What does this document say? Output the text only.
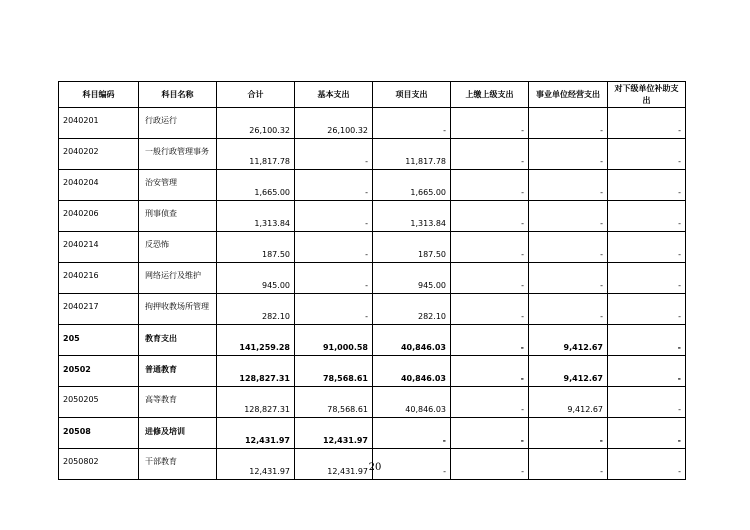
科目编码	科目名称	合计	基本支出	项目支出	上缴上级支出	事业单位经营支出	对下级单位补助支出
2040201	行政运行	26,100.32	26,100.32	-	-	-	-
2040202	一般行政管理事务	11,817.78	-	11,817.78	-	-	-
2040204	治安管理	1,665.00	-	1,665.00	-	-	-
2040206	刑事侦查	1,313.84	-	1,313.84	-	-	-
2040214	反恐怖	187.50	-	187.50	-	-	-
2040216	网络运行及维护	945.00	-	945.00	-	-	-
2040217	拘押收教场所管理	282.10	-	282.10	-	-	-
205	教育支出	141,259.28	91,000.58	40,846.03	-	9,412.67	-
20502	普通教育	128,827.31	78,568.61	40,846.03	-	9,412.67	-
2050205	高等教育	128,827.31	78,568.61	40,846.03	-	9,412.67	-
20508	进修及培训	12,431.97	12,431.97	-	-	-	-
2050802	干部教育	12,431.97	12,431.97	-	-	-	-
20
